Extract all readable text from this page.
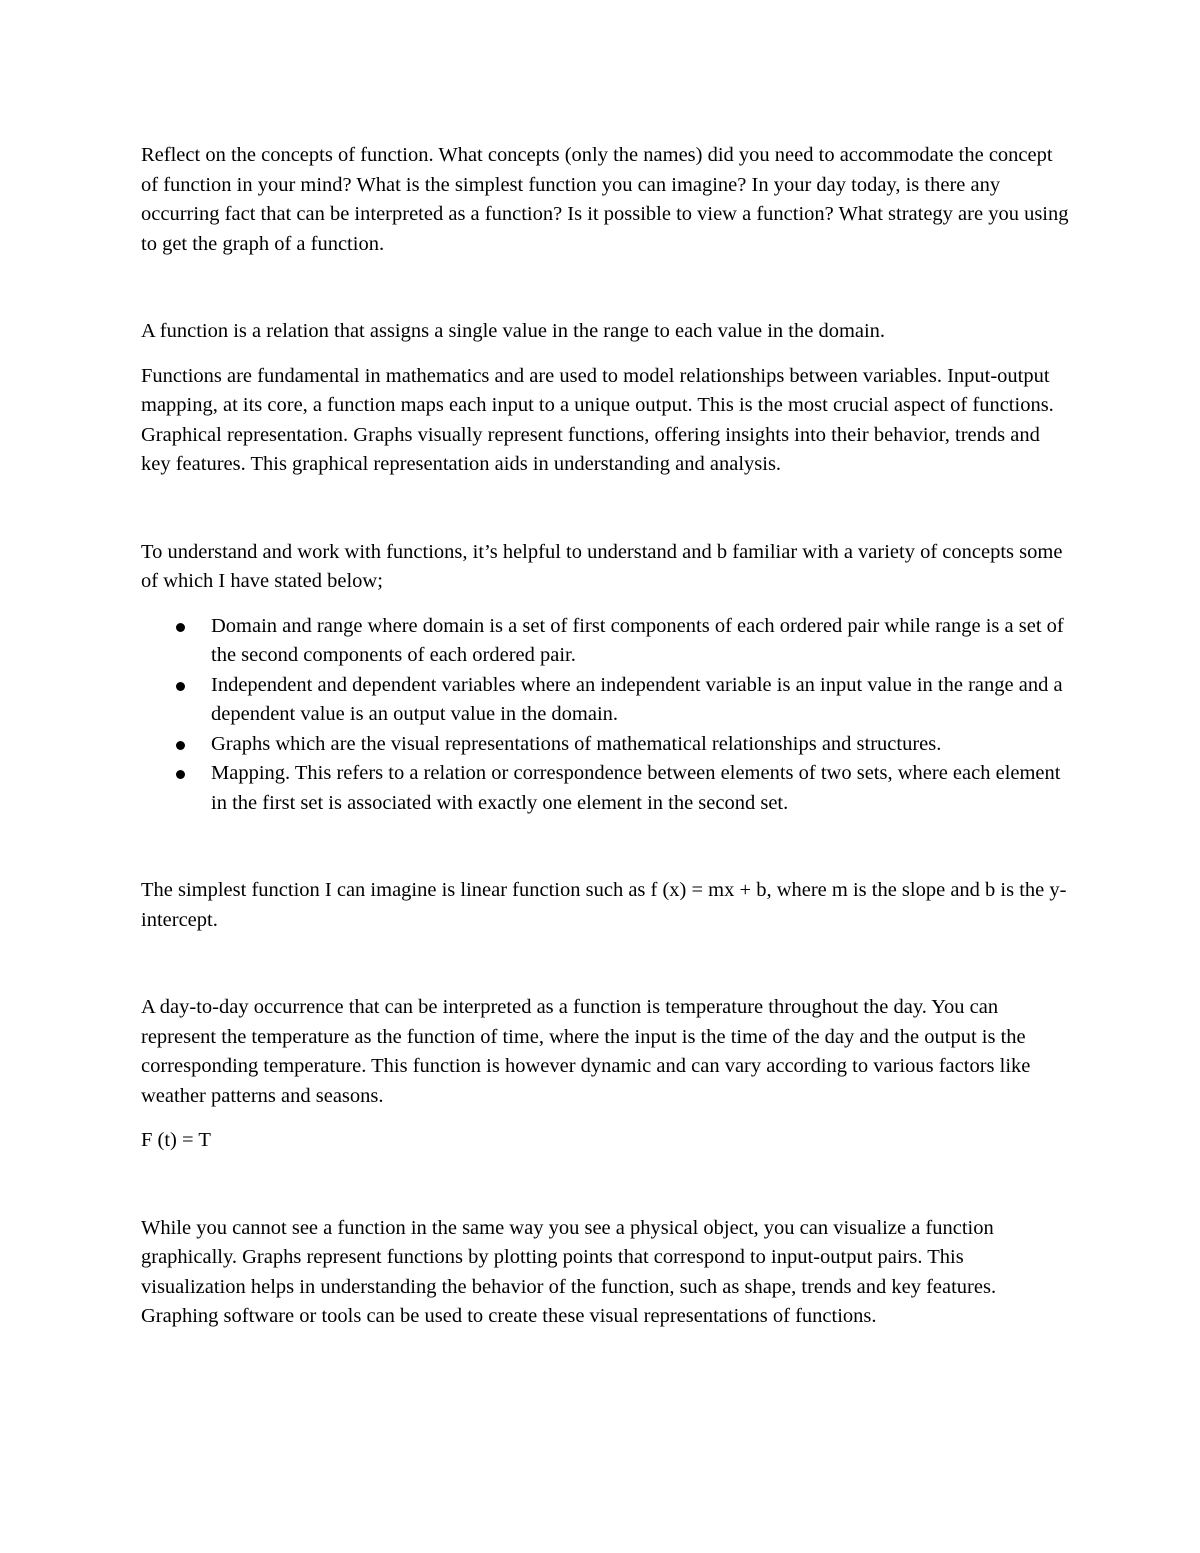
Reflect on the concepts of function. What concepts (only the names) did you need to accommodate the concept of function in your mind? What is the simplest function you can imagine? In your day today, is there any occurring fact that can be interpreted as a function? Is it possible to view a function? What strategy are you using to get the graph of a function.

A function is a relation that assigns a single value in the range to each value in the domain.

Functions are fundamental in mathematics and are used to model relationships between variables. Input-output mapping, at its core, a function maps each input to a unique output. This is the most crucial aspect of functions. Graphical representation. Graphs visually represent functions, offering insights into their behavior, trends and key features. This graphical representation aids in understanding and analysis.

To understand and work with functions, it’s helpful to understand and b familiar with a variety of concepts some of which I have stated below;

Domain and range where domain is a set of first components of each ordered pair while range is a set of the second components of each ordered pair.
Independent and dependent variables where an independent variable is an input value in the range and a dependent value is an output value in the domain.
Graphs which are the visual representations of mathematical relationships and structures.
Mapping. This refers to a relation or correspondence between elements of two sets, where each element in the first set is associated with exactly one element in the second set.

The simplest function I can imagine is linear function such as f (x) = mx + b, where m is the slope and b is the y- intercept.

A day-to-day occurrence that can be interpreted as a function is temperature throughout the day. You can represent the temperature as the function of time, where the input is the time of the day and the output is the corresponding temperature. This function is however dynamic and can vary according to various factors like weather patterns and seasons.

F (t) = T

While you cannot see a function in the same way you see a physical object, you can visualize a function graphically. Graphs represent functions by plotting points that correspond to input-output pairs. This visualization helps in understanding the behavior of the function, such as shape, trends and key features. Graphing software or tools can be used to create these visual representations of functions.
